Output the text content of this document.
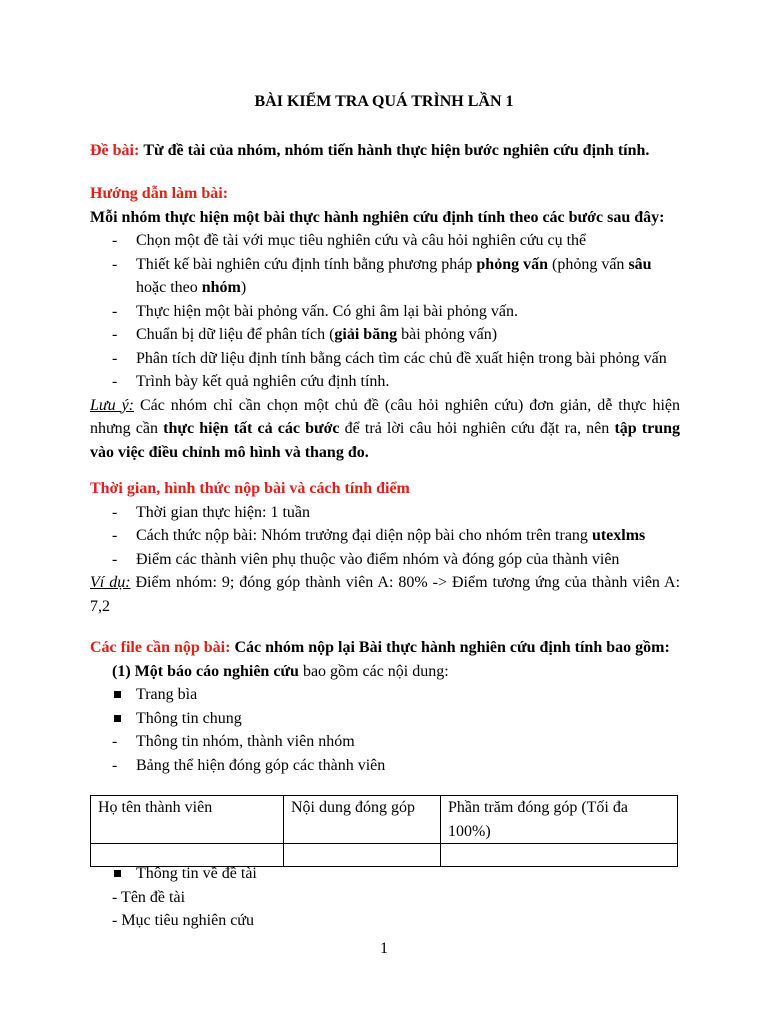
BÀI KIỂM TRA QUÁ TRÌNH LẦN 1
Đề bài: Từ đề tài của nhóm, nhóm tiến hành thực hiện bước nghiên cứu định tính.
Hướng dẫn làm bài:
Mỗi nhóm thực hiện một bài thực hành nghiên cứu định tính theo các bước sau đây:
- Chọn một đề tài với mục tiêu nghiên cứu và câu hỏi nghiên cứu cụ thể
- Thiết kế bài nghiên cứu định tính bằng phương pháp phỏng vấn (phỏng vấn sâu hoặc theo nhóm)
- Thực hiện một bài phỏng vấn. Có ghi âm lại bài phỏng vấn.
- Chuẩn bị dữ liệu để phân tích (giải băng bài phỏng vấn)
- Phân tích dữ liệu định tính bằng cách tìm các chủ đề xuất hiện trong bài phỏng vấn
- Trình bày kết quả nghiên cứu định tính.
Lưu ý: Các nhóm chỉ cần chọn một chủ đề (câu hỏi nghiên cứu) đơn giản, dễ thực hiện nhưng cần thực hiện tất cả các bước để trả lời câu hỏi nghiên cứu đặt ra, nên tập trung vào việc điều chỉnh mô hình và thang đo.
Thời gian, hình thức nộp bài và cách tính điểm
- Thời gian thực hiện: 1 tuần
- Cách thức nộp bài: Nhóm trưởng đại diện nộp bài cho nhóm trên trang utexlms
- Điểm các thành viên phụ thuộc vào điểm nhóm và đóng góp của thành viên
Ví dụ: Điểm nhóm: 9; đóng góp thành viên A: 80% -> Điểm tương ứng của thành viên A: 7,2
Các file cần nộp bài: Các nhóm nộp lại Bài thực hành nghiên cứu định tính bao gồm:
(1) Một báo cáo nghiên cứu bao gồm các nội dung:
Trang bìa
Thông tin chung
- Thông tin nhóm, thành viên nhóm
- Bảng thể hiện đóng góp các thành viên
Họ tên thành viên	Nội dung đóng góp	Phần trăm đóng góp (Tối đa 100%)

Thông tin về đề tài
- Tên đề tài
- Mục tiêu nghiên cứu
1
